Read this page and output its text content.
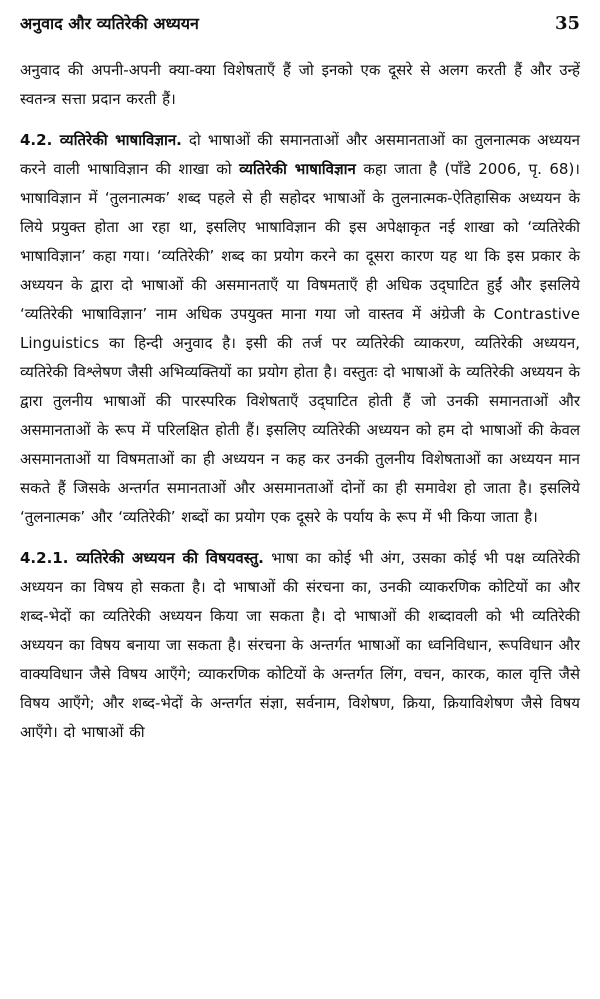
अनुवाद और व्यतिरेकी अध्ययन	35

अनुवाद की अपनी-अपनी क्या-क्या विशेषताएँ हैं जो इनको एक दूसरे से अलग करती हैं और उन्हें स्वतन्त्र सत्ता प्रदान करती हैं।

4.2. व्यतिरेकी भाषाविज्ञान. दो भाषाओं की समानताओं और असमानताओं का तुलनात्मक अध्ययन करने वाली भाषाविज्ञान की शाखा को व्यतिरेकी भाषाविज्ञान कहा जाता है (पाँडे 2006, पृ. 68)। भाषाविज्ञान में ‘तुलनात्मक’ शब्द पहले से ही सहोदर भाषाओं के तुलनात्मक-ऐतिहासिक अध्ययन के लिये प्रयुक्त होता आ रहा था, इसलिए भाषाविज्ञान की इस अपेक्षाकृत नई शाखा को ‘व्यतिरेकी भाषाविज्ञान’ कहा गया। ‘व्यतिरेकी’ शब्द का प्रयोग करने का दूसरा कारण यह था कि इस प्रकार के अध्ययन के द्वारा दो भाषाओं की असमानताएँ या विषमताएँ ही अधिक उद्‌घाटित हुईं और इसलिये ‘व्यतिरेकी भाषाविज्ञान’ नाम अधिक उपयुक्त माना गया जो वास्तव में अंग्रेजी के Contrastive Linguistics का हिन्दी अनुवाद है। इसी की तर्ज पर व्यतिरेकी व्याकरण, व्यतिरेकी अध्ययन, व्यतिरेकी विश्लेषण जैसी अभिव्यक्तियों का प्रयोग होता है। वस्तुतः दो भाषाओं के व्यतिरेकी अध्ययन के द्वारा तुलनीय भाषाओं की पारस्परिक विशेषताएँ उद्‌घाटित होती हैं जो उनकी समानताओं और असमानताओं के रूप में परिलक्षित होती हैं। इसलिए व्यतिरेकी अध्ययन को हम दो भाषाओं की केवल असमानताओं या विषमताओं का ही अध्ययन न कह कर उनकी तुलनीय विशेषताओं का अध्ययन मान सकते हैं जिसके अन्तर्गत समानताओं और असमानताओं दोनों का ही समावेश हो जाता है। इसलिये ‘तुलनात्मक’ और ‘व्यतिरेकी’ शब्दों का प्रयोग एक दूसरे के पर्याय के रूप में भी किया जाता है।

4.2.1. व्यतिरेकी अध्ययन की विषयवस्तु. भाषा का कोई भी अंग, उसका कोई भी पक्ष व्यतिरेकी अध्ययन का विषय हो सकता है। दो भाषाओं की संरचना का, उनकी व्याकरणिक कोटियों का और शब्द-भेदों का व्यतिरेकी अध्ययन किया जा सकता है। दो भाषाओं की शब्दावली को भी व्यतिरेकी अध्ययन का विषय बनाया जा सकता है। संरचना के अन्तर्गत भाषाओं का ध्वनिविधान, रूपविधान और वाक्यविधान जैसे विषय आएँगे; व्याकरणिक कोटियों के अन्तर्गत लिंग, वचन, कारक, काल वृत्ति जैसे विषय आएँगे; और शब्द-भेदों के अन्तर्गत संज्ञा, सर्वनाम, विशेषण, क्रिया, क्रियाविशेषण जैसे विषय आएँगे। दो भाषाओं की
